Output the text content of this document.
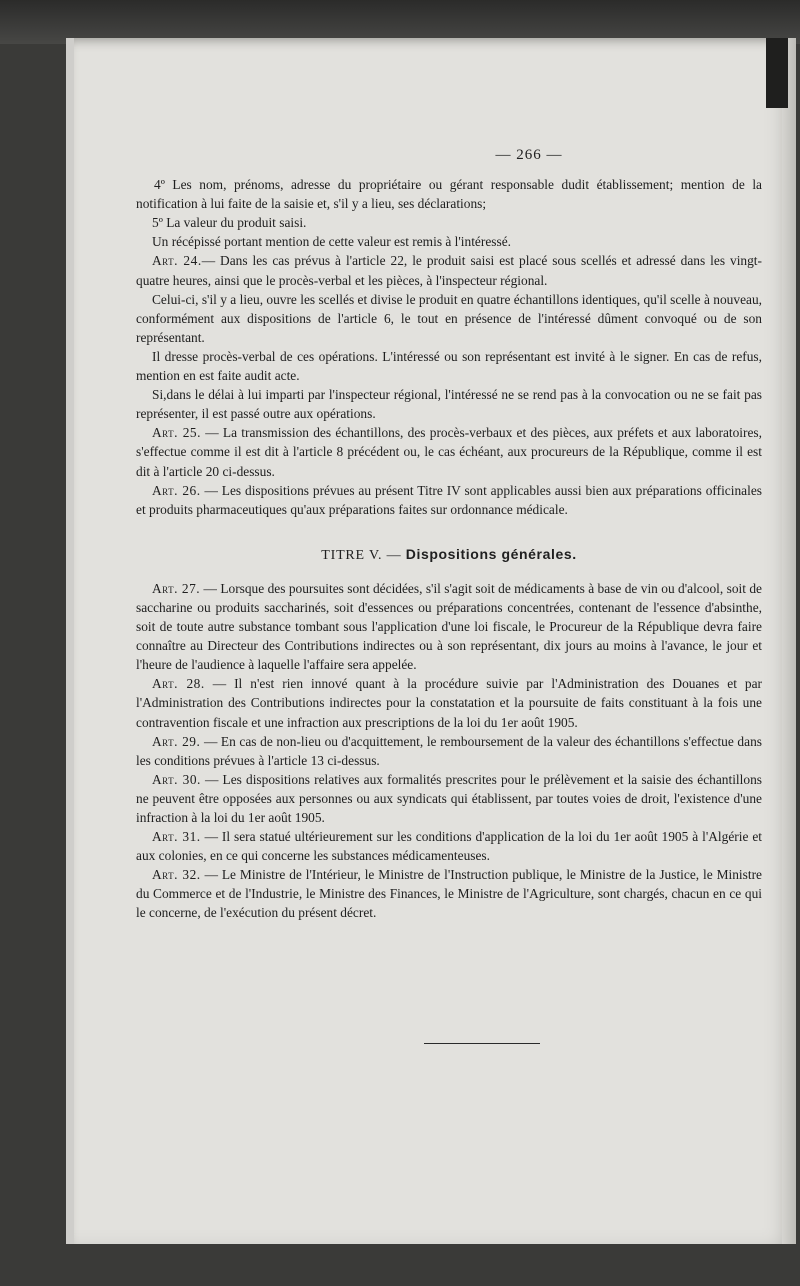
— 266 —

4º Les nom, prénoms, adresse du propriétaire ou gérant responsable dudit établissement; mention de la notification à lui faite de la saisie et, s'il y a lieu, ses déclarations;

5º La valeur du produit saisi.

Un récépissé portant mention de cette valeur est remis à l'intéressé.

Art. 24.— Dans les cas prévus à l'article 22, le produit saisi est placé sous scellés et adressé dans les vingt-quatre heures, ainsi que le procès-verbal et les pièces, à l'inspecteur régional.

Celui-ci, s'il y a lieu, ouvre les scellés et divise le produit en quatre échantillons identiques, qu'il scelle à nouveau, conformément aux dispositions de l'article 6, le tout en présence de l'intéressé dûment convoqué ou de son représentant.

Il dresse procès-verbal de ces opérations. L'intéressé ou son représentant est invité à le signer. En cas de refus, mention en est faite audit acte.

Si,dans le délai à lui imparti par l'inspecteur régional, l'intéressé ne se rend pas à la convocation ou ne se fait pas représenter, il est passé outre aux opérations.

Art. 25. — La transmission des échantillons, des procès-verbaux et des pièces, aux préfets et aux laboratoires, s'effectue comme il est dit à l'article 8 précédent ou, le cas échéant, aux procureurs de la République, comme il est dit à l'article 20 ci-dessus.

Art. 26. — Les dispositions prévues au présent Titre IV sont applicables aussi bien aux préparations officinales et produits pharmaceutiques qu'aux préparations faites sur ordonnance médicale.

TITRE V. — Dispositions générales.

Art. 27. — Lorsque des poursuites sont décidées, s'il s'agit soit de médicaments à base de vin ou d'alcool, soit de saccharine ou produits saccharinés, soit d'essences ou préparations concentrées, contenant de l'essence d'absinthe, soit de toute autre substance tombant sous l'application d'une loi fiscale, le Procureur de la République devra faire connaître au Directeur des Contributions indirectes ou à son représentant, dix jours au moins à l'avance, le jour et l'heure de l'audience à laquelle l'affaire sera appelée.

Art. 28. — Il n'est rien innové quant à la procédure suivie par l'Administration des Douanes et par l'Administration des Contributions indirectes pour la constatation et la poursuite de faits constituant à la fois une contravention fiscale et une infraction aux prescriptions de la loi du 1er août 1905.

Art. 29. — En cas de non-lieu ou d'acquittement, le remboursement de la valeur des échantillons s'effectue dans les conditions prévues à l'article 13 ci-dessus.

Art. 30. — Les dispositions relatives aux formalités prescrites pour le prélèvement et la saisie des échantillons ne peuvent être opposées aux personnes ou aux syndicats qui établissent, par toutes voies de droit, l'existence d'une infraction à la loi du 1er août 1905.

Art. 31. — Il sera statué ultérieurement sur les conditions d'application de la loi du 1er août 1905 à l'Algérie et aux colonies, en ce qui concerne les substances médicamenteuses.

Art. 32. — Le Ministre de l'Intérieur, le Ministre de l'Instruction publique, le Ministre de la Justice, le Ministre du Commerce et de l'Industrie, le Ministre des Finances, le Ministre de l'Agriculture, sont chargés, chacun en ce qui le concerne, de l'exécution du présent décret.
